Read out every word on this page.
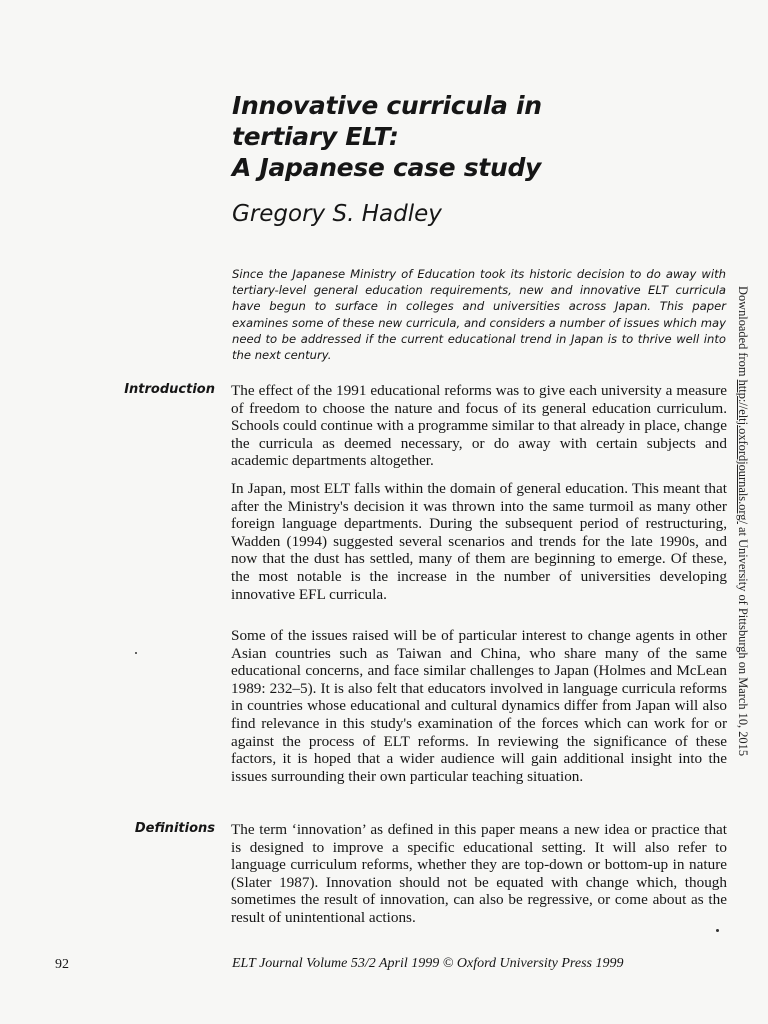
Innovative curricula in
tertiary ELT:
A Japanese case study

Gregory S. Hadley

Since the Japanese Ministry of Education took its historic decision to do away with tertiary-level general education requirements, new and innovative ELT curricula have begun to surface in colleges and universities across Japan. This paper examines some of these new curricula, and considers a number of issues which may need to be addressed if the current educational trend in Japan is to thrive well into the next century.

Introduction The effect of the 1991 educational reforms was to give each university a measure of freedom to choose the nature and focus of its general education curriculum. Schools could continue with a programme similar to that already in place, change the curricula as deemed necessary, or do away with certain subjects and academic departments altogether.

In Japan, most ELT falls within the domain of general education. This meant that after the Ministry's decision it was thrown into the same turmoil as many other foreign language departments. During the subsequent period of restructuring, Wadden (1994) suggested several scenarios and trends for the late 1990s, and now that the dust has settled, many of them are beginning to emerge. Of these, the most notable is the increase in the number of universities developing innovative EFL curricula.

Some of the issues raised will be of particular interest to change agents in other Asian countries such as Taiwan and China, who share many of the same educational concerns, and face similar challenges to Japan (Holmes and McLean 1989: 232–5). It is also felt that educators involved in language curricula reforms in countries whose educational and cultural dynamics differ from Japan will also find relevance in this study's examination of the forces which can work for or against the process of ELT reforms. In reviewing the significance of these factors, it is hoped that a wider audience will gain additional insight into the issues surrounding their own particular teaching situation.

Definitions The term ‘innovation’ as defined in this paper means a new idea or practice that is designed to improve a specific educational setting. It will also refer to language curriculum reforms, whether they are top-down or bottom-up in nature (Slater 1987). Innovation should not be equated with change which, though sometimes the result of innovation, can also be regressive, or come about as the result of unintentional actions.

92	ELT Journal Volume 53/2 April 1999 © Oxford University Press 1999

Downloaded from http://eltj.oxfordjournals.org/ at University of Pittsburgh on March 10, 2015
